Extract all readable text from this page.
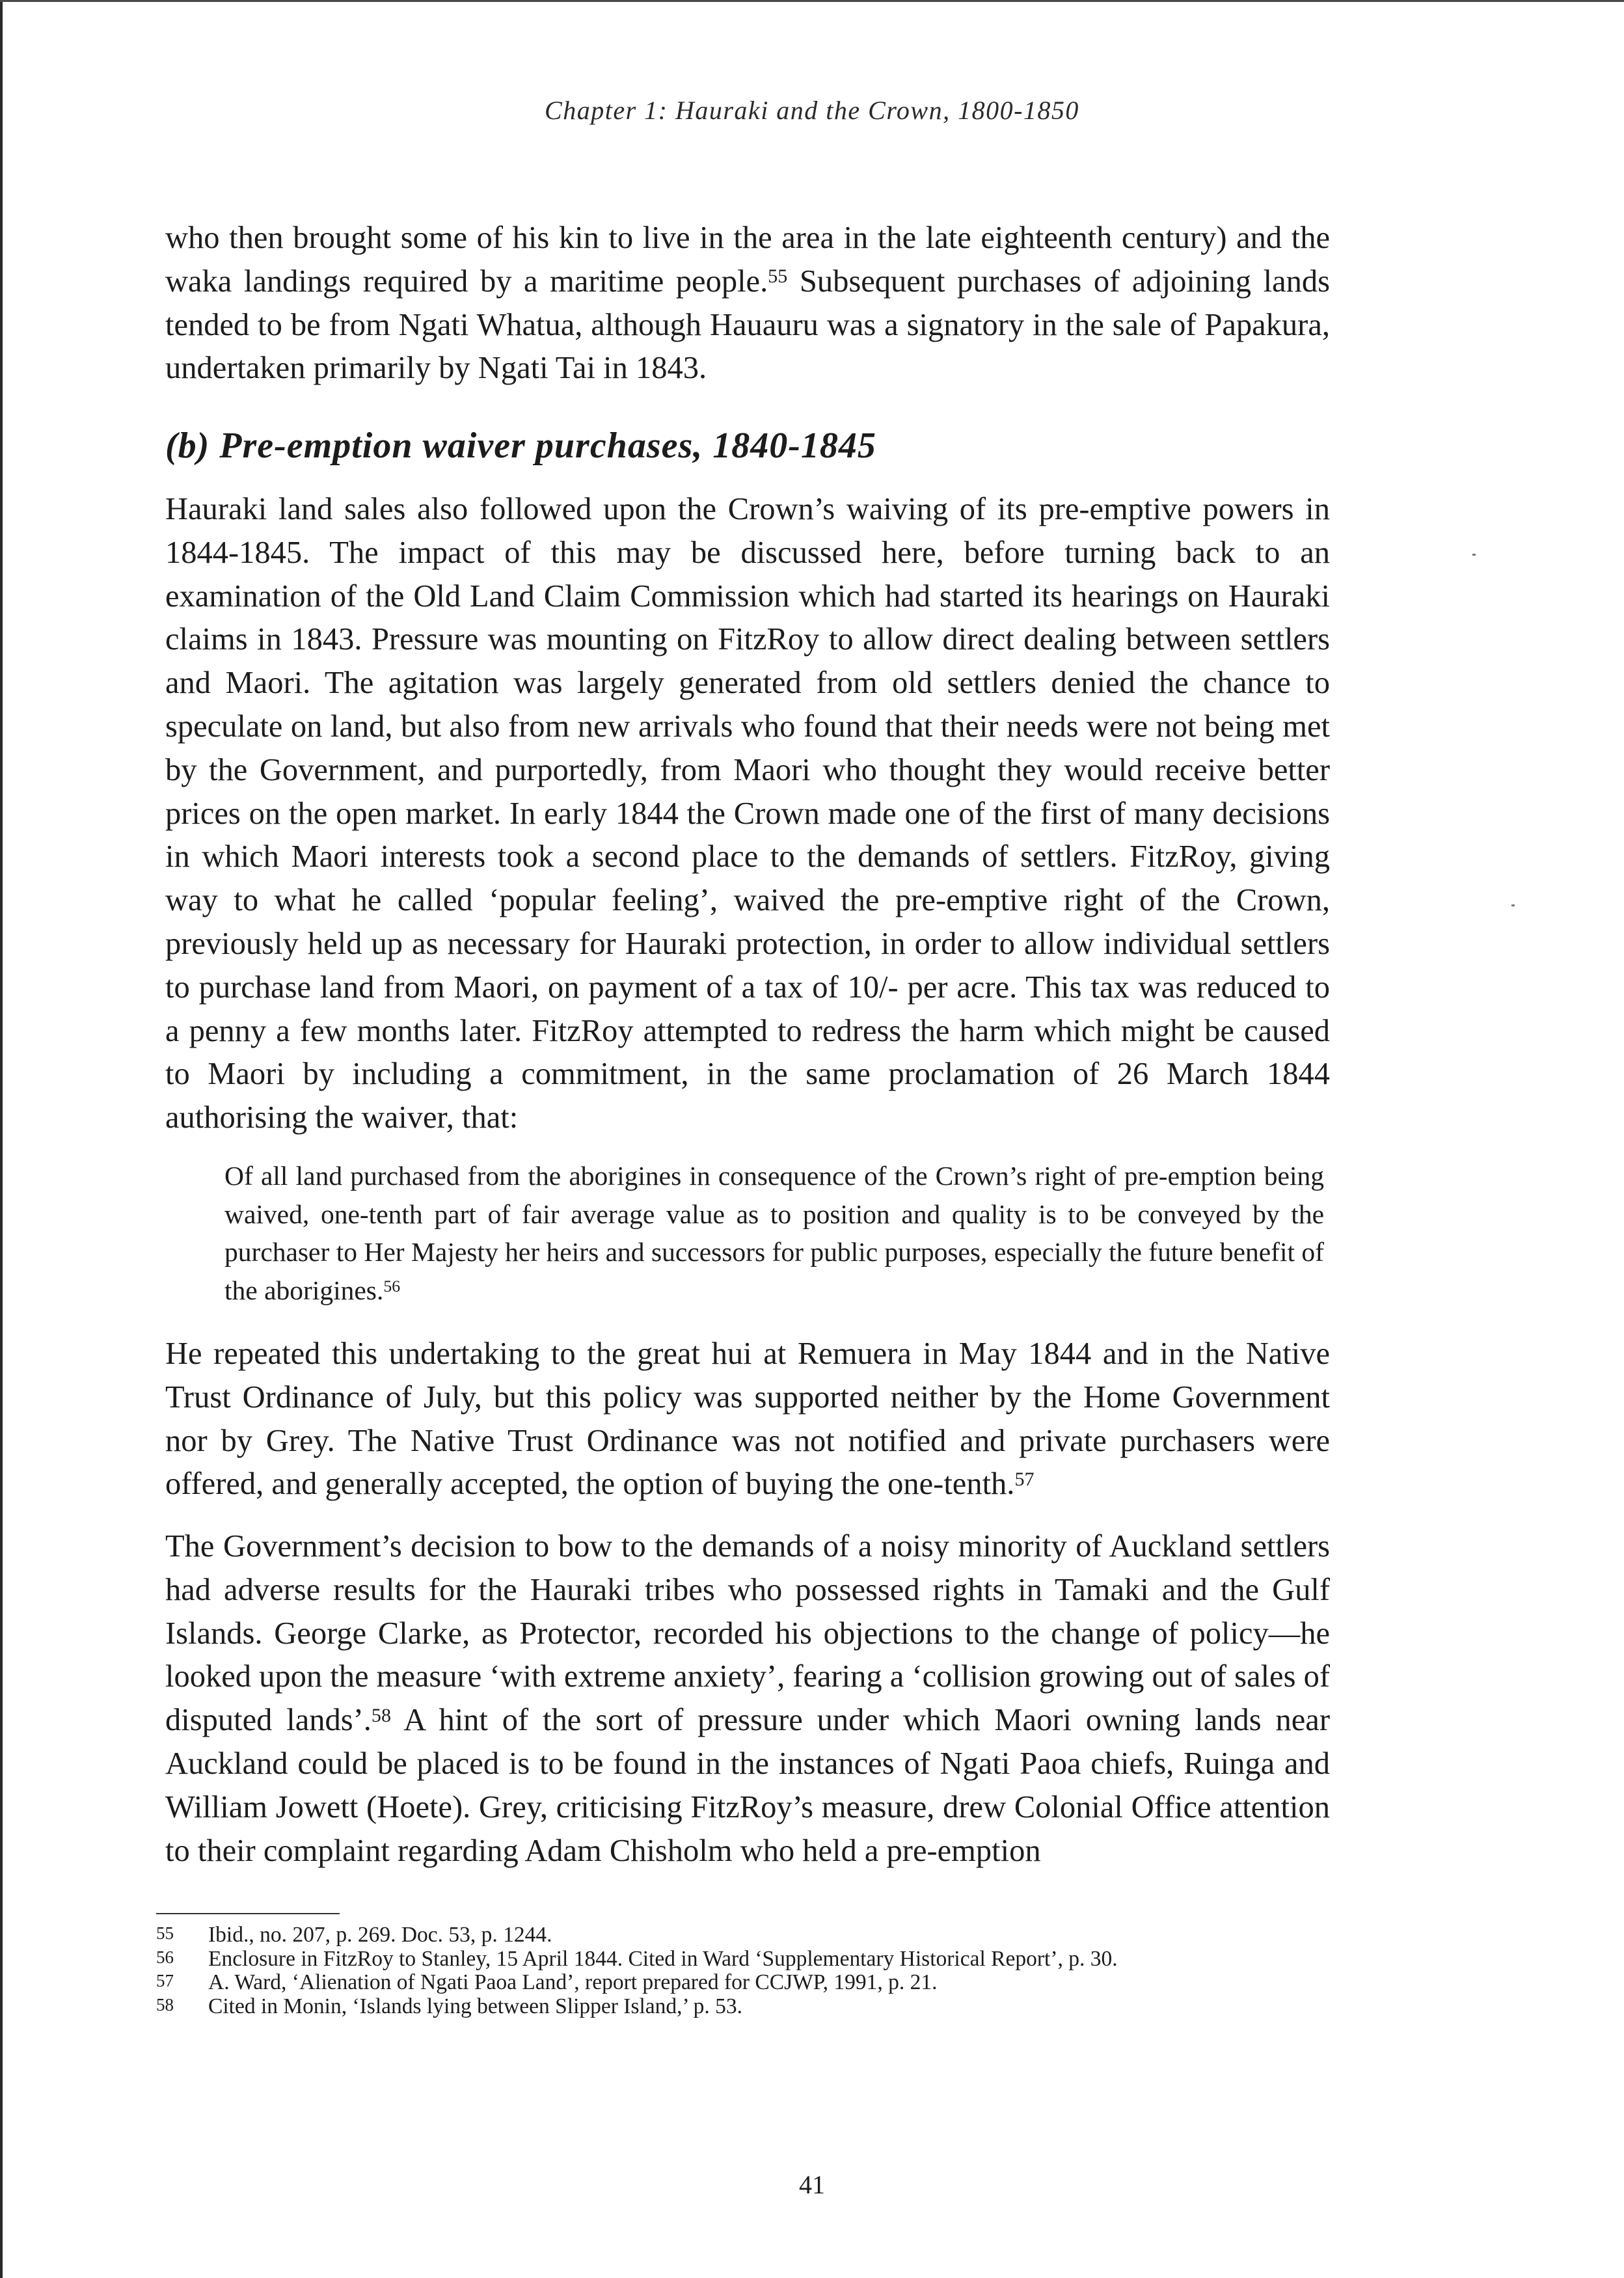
Chapter 1: Hauraki and the Crown, 1800-1850

who then brought some of his kin to live in the area in the late eighteenth century) and the waka landings required by a maritime people.$^{55}$ Subsequent purchases of adjoining lands tended to be from Ngati Whatua, although Hauauru was a signatory in the sale of Papakura, undertaken primarily by Ngati Tai in 1843.

(b) Pre-emption waiver purchases, 1840-1845

Hauraki land sales also followed upon the Crown’s waiving of its pre-emptive powers in 1844-1845. The impact of this may be discussed here, before turning back to an examination of the Old Land Claim Commission which had started its hearings on Hauraki claims in 1843. Pressure was mounting on FitzRoy to allow direct dealing between settlers and Maori. The agitation was largely generated from old settlers denied the chance to speculate on land, but also from new arrivals who found that their needs were not being met by the Government, and purportedly, from Maori who thought they would receive better prices on the open market. In early 1844 the Crown made one of the first of many decisions in which Maori interests took a second place to the demands of settlers. FitzRoy, giving way to what he called ‘popular feeling’, waived the pre-emptive right of the Crown, previously held up as necessary for Hauraki protection, in order to allow individual settlers to purchase land from Maori, on payment of a tax of 10/- per acre. This tax was reduced to a penny a few months later. FitzRoy attempted to redress the harm which might be caused to Maori by including a commitment, in the same proclamation of 26 March 1844 authorising the waiver, that:

Of all land purchased from the aborigines in consequence of the Crown’s right of pre-emption being waived, one-tenth part of fair average value as to position and quality is to be conveyed by the purchaser to Her Majesty her heirs and successors for public purposes, especially the future benefit of the aborigines.$^{56}$

He repeated this undertaking to the great hui at Remuera in May 1844 and in the Native Trust Ordinance of July, but this policy was supported neither by the Home Government nor by Grey. The Native Trust Ordinance was not notified and private purchasers were offered, and generally accepted, the option of buying the one-tenth.$^{57}$

The Government’s decision to bow to the demands of a noisy minority of Auckland settlers had adverse results for the Hauraki tribes who possessed rights in Tamaki and the Gulf Islands. George Clarke, as Protector, recorded his objections to the change of policy—he looked upon the measure ‘with extreme anxiety’, fearing a ‘collision growing out of sales of disputed lands’.$^{58}$ A hint of the sort of pressure under which Maori owning lands near Auckland could be placed is to be found in the instances of Ngati Paoa chiefs, Ruinga and William Jowett (Hoete). Grey, criticising FitzRoy’s measure, drew Colonial Office attention to their complaint regarding Adam Chisholm who held a pre-emption

55	Ibid., no. 207, p. 269. Doc. 53, p. 1244.
56	Enclosure in FitzRoy to Stanley, 15 April 1844. Cited in Ward ‘Supplementary Historical Report’, p. 30.
57	A. Ward, ‘Alienation of Ngati Paoa Land’, report prepared for CCJWP, 1991, p. 21.
58	Cited in Monin, ‘Islands lying between Slipper Island,’ p. 53.
41
